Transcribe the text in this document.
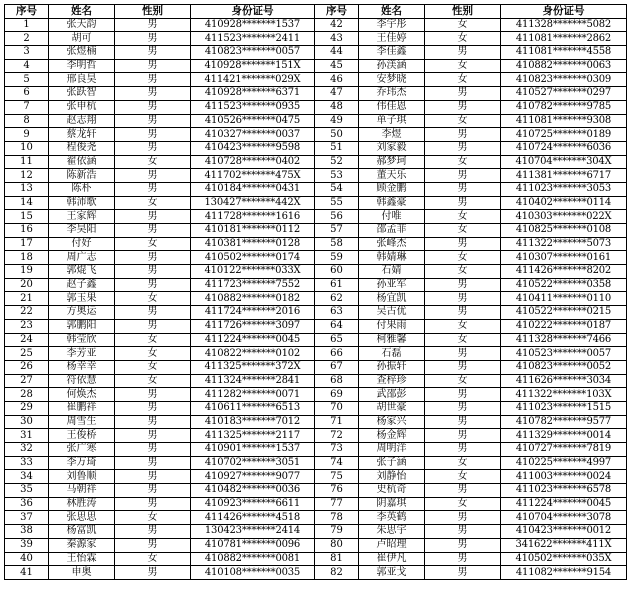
序号	姓名	性别	身份证号	序号	姓名	性别	身份证号
1	张天韵	男	410928*******1537	42	李宇彤	女	411328*******5082
2	胡可	男	411523*******2411	43	王佳婷	女	411081*******2862
3	张煜楠	男	410823*******0057	44	李佳鑫	男	411081*******4558
4	李明哲	男	410928*******151X	45	孙渼涵	女	410882*******0063
5	邢良昊	男	411421*******029X	46	安梦晓	女	410823*******0309
6	张跃智	男	410928*******6371	47	乔玮杰	男	410527*******0297
7	张申杭	男	411523*******0935	48	伟佳恩	男	410782*******9785
8	赵志翔	男	410526*******0475	49	单子琪	女	411081*******9308
9	蔡龙轩	男	410327*******0037	50	李煜	男	410725*******0189
10	程俊尧	男	410423*******9598	51	刘家毅	男	410724*******6036
11	翟依涵	女	410728*******0402	52	郝梦珂	女	410704*******304X
12	陈新浩	男	411702*******475X	53	董天乐	男	411381*******6717
13	陈朴	男	410184*******0431	54	顾金鹏	男	411023*******3053
14	韩沛歌	女	130427*******442X	55	韩鑫豪	男	410402*******0114
15	王家辉	男	411728*******1616	56	付唯	女	410303*******022X
16	李昊阳	男	410181*******0112	57	邵孟菲	女	410825*******0108
17	付好	女	410381*******0128	58	张峰杰	男	411322*******5073
18	周广志	男	410502*******0174	59	韩婧琳	女	410307*******0161
19	郭焜飞	男	410122*******033X	60	石婧	女	411426*******8202
20	赵子鑫	男	411723*******7552	61	孙亚军	男	410522*******0358
21	郭玉果	女	410882*******0182	62	杨宜凯	男	410411*******0110
22	方奥运	男	411724*******2016	63	吴古优	男	410522*******0215
23	郭鹏阳	男	411726*******3097	64	付果雨	女	410222*******0187
24	韩莹欣	女	411224*******0045	65	柯雅馨	女	411328*******7466
25	李芳亚	女	410822*******0102	66	石磊	男	410523*******0057
26	杨幸幸	女	411325*******372X	67	孙振轩	男	410823*******0052
27	符依慧	女	411324*******2841	68	查梓珍	女	411626*******3034
28	何焕杰	男	411282*******0071	69	武邵彭	男	411322*******103X
29	崔鹏祥	男	410611*******6513	70	胡世豪	男	411023*******1515
30	周雪生	男	410183*******7012	71	杨家兴	男	410782*******9577
31	王俊桥	男	411325*******2117	72	杨金辉	男	411329*******0014
32	张广寒	男	410901*******1537	73	周明洋	男	410727*******7819
33	李万琦	男	410702*******3051	74	张子涵	女	410225*******4997
34	刘鲁顺	男	410927*******9077	75	刘静怡	女	411003*******0024
35	马朝祥	男	410482*******0036	76	史杭奇	男	411023*******6578
36	林胜涛	男	410923*******6611	77	阴嘉琪	女	411224*******0045
37	张思思	女	411426*******4518	78	李英鹤	男	410704*******3078
38	杨富凯	男	130423*******2414	79	朱思宇	男	410423*******0012
39	秦源家	男	410781*******0096	80	卢昭理	男	341622*******411X
40	王怡霖	女	410882*******0081	81	崔伊凡	男	410502*******035X
41	申奥	男	410108*******0035	82	郭亚戈	男	411082*******9154
